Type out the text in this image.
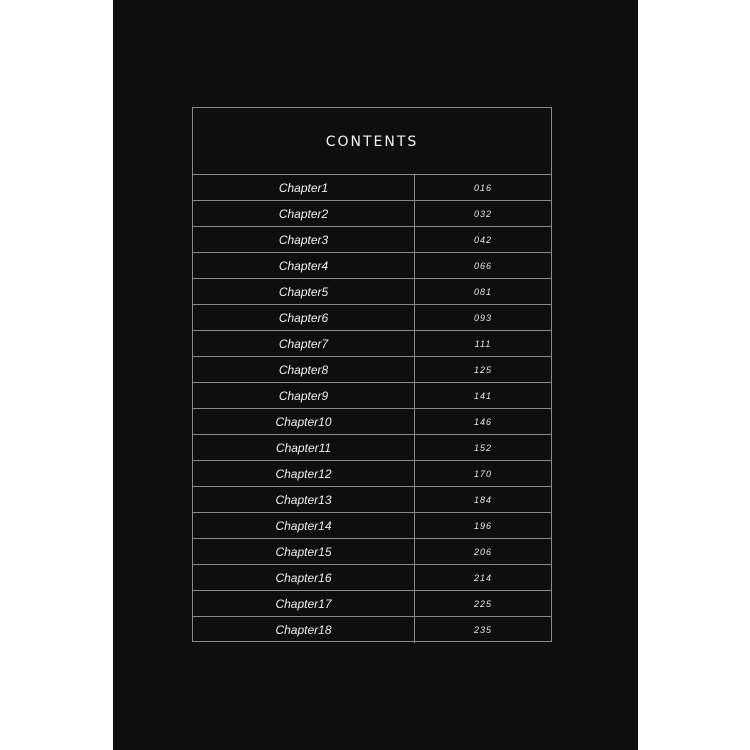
CONTENTS
Chapter1	016
Chapter2	032
Chapter3	042
Chapter4	066
Chapter5	081
Chapter6	093
Chapter7	111
Chapter8	125
Chapter9	141
Chapter10	146
Chapter11	152
Chapter12	170
Chapter13	184
Chapter14	196
Chapter15	206
Chapter16	214
Chapter17	225
Chapter18	235
